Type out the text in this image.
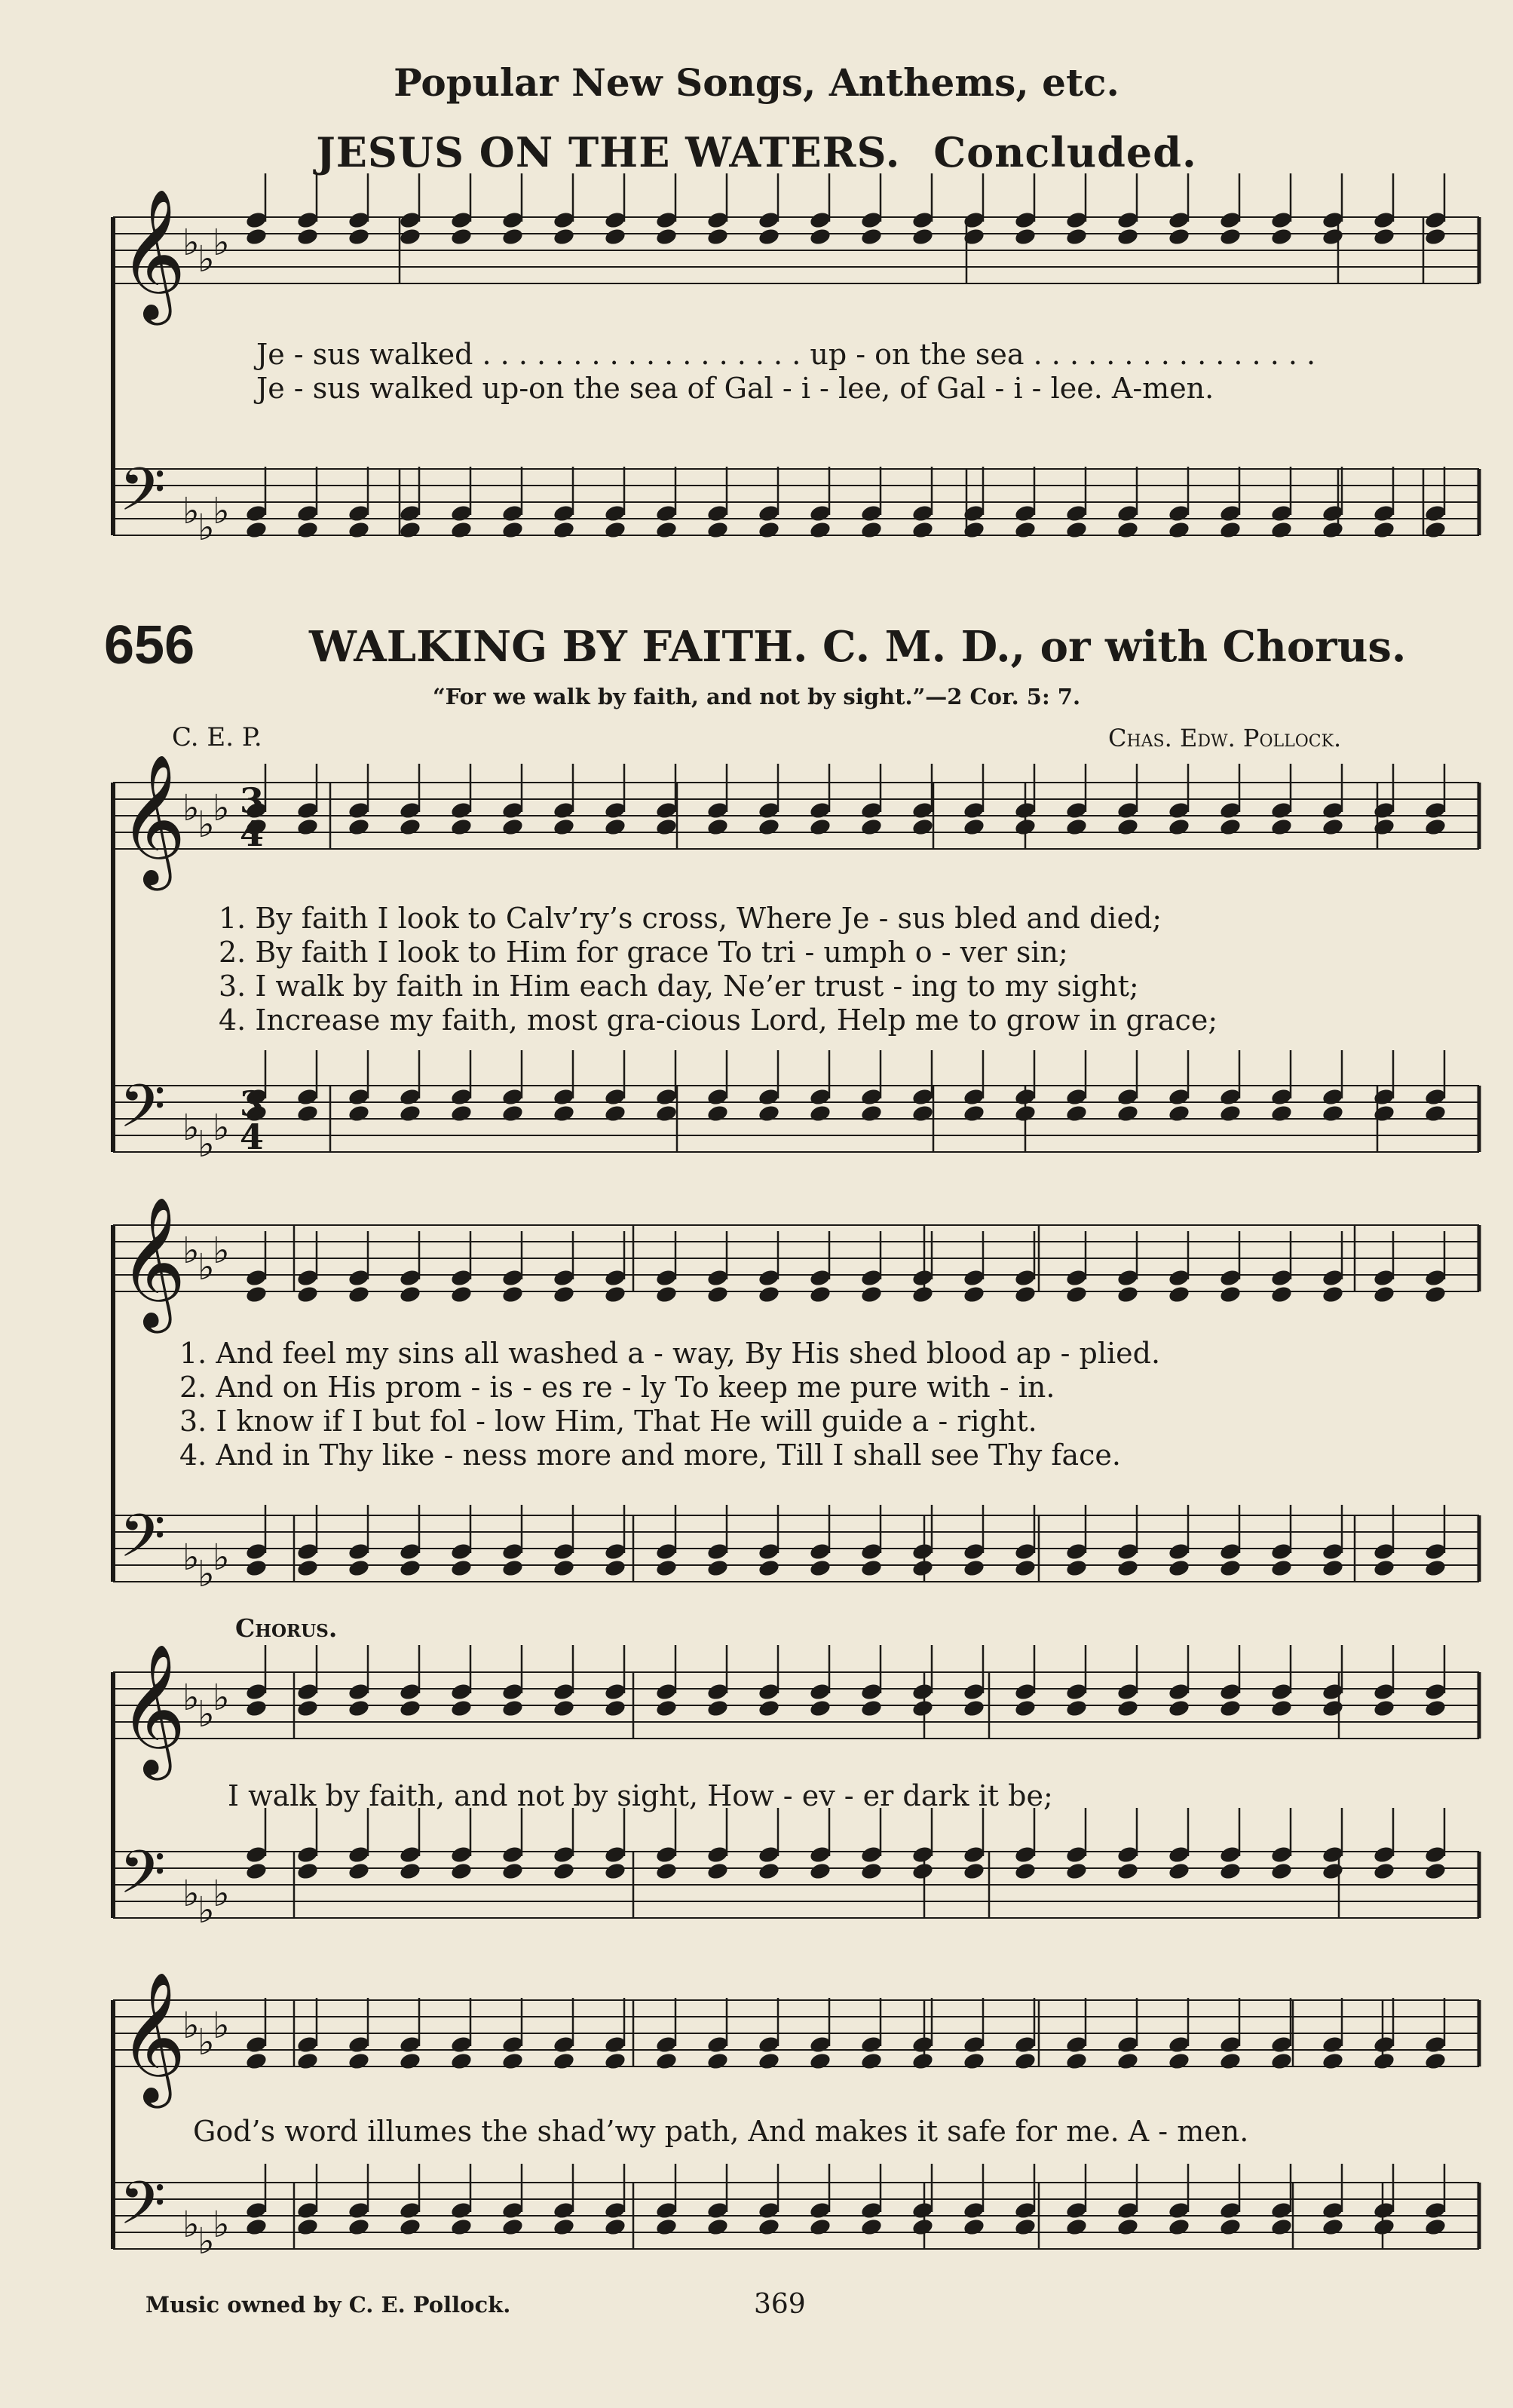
Popular New Songs, Anthems, etc.
JESUS ON THE WATERS. Concluded.
656	WALKING BY FAITH. C. M. D., or with Chorus.
“For we walk by faith, and not by sight.”—2 Cor. 5: 7.
C. E. P.	Chas. Edw. Pollock.
Chorus.
Je - sus walked . . . . . . . . . . . . . . . . . . up - on the sea . . . . . . . . . . . . . . . .
Je - sus walked up-on the sea of Gal - i - lee, of Gal - i - lee. A-men.
1. By faith I look to Calv’ry’s cross, Where Je - sus bled and died;
2. By faith I look to Him for grace To tri - umph o - ver sin;
3. I walk by faith in Him each day, Ne’er trust - ing to my sight;
4. Increase my faith, most gra-cious Lord, Help me to grow in grace;
1. And feel my sins all washed a - way, By His shed blood ap - plied.
2. And on His prom - is - es re - ly To keep me pure with - in.
3. I know if I but fol - low Him, That He will guide a - right.
4. And in Thy like - ness more and more, Till I shall see Thy face.
I walk by faith, and not by sight, How - ev - er dark it be;
God’s word illumes the shad’wy path, And makes it safe for me. A - men.
Music owned by C. E. Pollock.	369
𝄞
♭
♭
♭
𝄢 ♭
♭
♭
𝄞
♭
♭
♭
𝄢 ♭
♭
♭
𝄞
♭
♭
♭
𝄢 ♭
♭
♭
𝄞
♭
♭
♭
𝄢 ♭
♭
♭
𝄞
♭
♭
♭
𝄢 ♭
♭
♭
3
4
3
4
